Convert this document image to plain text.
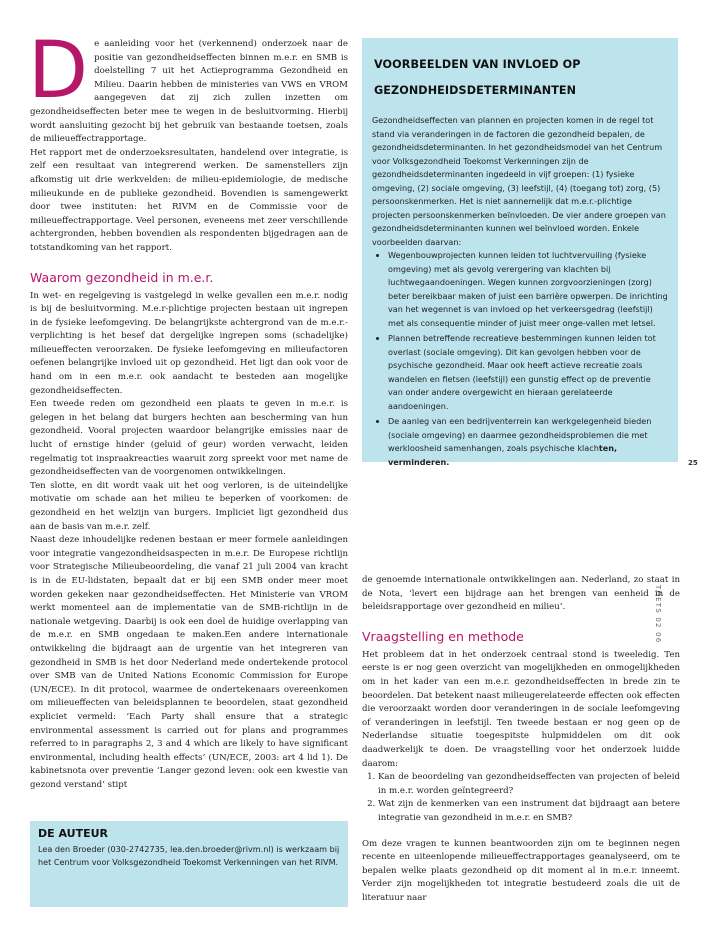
D e aanleiding voor het (verkennend) onderzoek naar de positie van gezondheidseffecten binnen m.e.r. en SMB is doelstelling 7 uit het Actieprogramma Gezondheid en Milieu. Daarin hebben de ministeries van VWS en VROM aangegeven dat zij zich zullen inzetten om gezondheidseffecten beter mee te wegen in de besluitvorming. Hierbij wordt aansluiting gezocht bij het gebruik van bestaande toetsen, zoals de milieueffectrapportage.

Het rapport met de onderzoeksresultaten, handelend over integratie, is zelf een resultaat van integrerend werken. De samenstellers zijn afkomstig uit drie werkvelden: de milieu-epidemiologie, de medische milieukunde en de publieke gezondheid. Bovendien is samengewerkt door twee instituten: het RIVM en de Commissie voor de milieueffectrapportage. Veel personen, eveneens met zeer verschillende achtergronden, hebben bovendien als respondenten bijgedragen aan de totstandkoming van het rapport.

Waarom gezondheid in m.e.r.

In wet- en regelgeving is vastgelegd in welke gevallen een m.e.r. nodig is bij de besluitvorming. M.e.r-plichtige projecten bestaan uit ingrepen in de fysieke leefomgeving. De belangrijkste achtergrond van de m.e.r.-verplichting is het besef dat dergelijke ingrepen soms (schadelijke) milieueffecten veroorzaken. De fysieke leefomgeving en milieufactoren oefenen belangrijke invloed uit op gezondheid. Het ligt dan ook voor de hand om in een m.e.r. ook aandacht te besteden aan mogelijke gezondheidseffecten.

Een tweede reden om gezondheid een plaats te geven in m.e.r. is gelegen in het belang dat burgers hechten aan bescherming van hun gezondheid. Vooral projecten waardoor belangrijke emissies naar de lucht of ernstige hinder (geluid of geur) worden verwacht, leiden regelmatig tot inspraakreacties waaruit zorg spreekt voor met name de gezondheidseffecten van de voorgenomen ontwikkelingen.

Ten slotte, en dit wordt vaak uit het oog verloren, is de uiteindelijke motivatie om schade aan het milieu te beperken of voorkomen: de gezondheid en het welzijn van burgers. Impliciet ligt gezondheid dus aan de basis van m.e.r. zelf.

Naast deze inhoudelijke redenen bestaan er meer formele aanleidingen voor integratie vangezondheidsaspecten in m.e.r. De Europese richtlijn voor Strategische Milieubeoordeling, die vanaf 21 juli 2004 van kracht is in de EU-lidstaten, bepaalt dat er bij een SMB onder meer moet worden gekeken naar gezondheidseffecten. Het Ministerie van VROM werkt momenteel aan de implementatie van de SMB-richtlijn in de nationale wetgeving. Daarbij is ook een doel de huidige overlapping van de m.e.r. en SMB ongedaan te maken.Een andere internationale ontwikkeling die bijdraagt aan de urgentie van het integreren van gezondheid in SMB is het door Nederland mede ondertekende protocol over SMB van de United Nations Economic Commission for Europe (UN/ECE). In dit protocol, waarmee de ondertekenaars overeenkomen om milieueffecten van beleidsplannen te beoordelen, staat gezondheid expliciet vermeld: ‘Each Party shall ensure that a strategic environmental assessment is carried out for plans and programmes referred to in paragraphs 2, 3 and 4 which are likely to have significant environmental, including health effects’ (UN/ECE, 2003: art 4 lid 1). De kabinetsnota over preventie ‘Langer gezond leven: ook een kwestie van gezond verstand’ stipt

VOORBEELDEN VAN INVLOED OP
GEZONDHEIDSDETERMINANTEN
Gezondheidseffecten van plannen en projecten komen in de regel tot stand via veranderingen in de factoren die gezondheid bepalen, de gezondheidsdeterminanten. In het gezondheidsmodel van het Centrum voor Volksgezondheid Toekomst Verkenningen zijn de gezondheidsdeterminanten ingedeeld in vijf groepen: (1) fysieke omgeving, (2) sociale omgeving, (3) leefstijl, (4) (toegang tot) zorg, (5) persoonskenmerken. Het is niet aannemelijk dat m.e.r.-plichtige projecten persoonskenmerken beïnvloeden. De vier andere groepen van gezondheidsdeterminanten kunnen wel beïnvloed worden. Enkele voorbeelden daarvan:
• Wegenbouwprojecten kunnen leiden tot luchtvervuiling (fysieke omgeving) met als gevolg verergering van klachten bij luchtwegaandoeningen. Wegen kunnen zorgvoorzieningen (zorg) beter bereikbaar maken of juist een barrière opwerpen. De inrichting van het wegennet is van invloed op het verkeersgedrag (leefstijl) met als consequentie minder of juist meer onge-vallen met letsel.
• Plannen betreffende recreatieve bestemmingen kunnen leiden tot overlast (sociale omgeving). Dit kan gevolgen hebben voor de psychische gezondheid. Maar ook heeft actieve recreatie zoals wandelen en fietsen (leefstijl) een gunstig effect op de preventie van onder andere overgewicht en hieraan gerelateerde aandoeningen.
• De aanleg van een bedrijventerrein kan werkgelegenheid bieden (sociale omgeving) en daarmee gezondheidsproblemen die met werkloosheid samenhangen, zoals psychische klachten, verminderen.	25
TOETS 02 06

de genoemde internationale ontwikkelingen aan. Nederland, zo staat in de Nota, ‘levert een bijdrage aan het brengen van eenheid in de beleidsrapportage over gezondheid en milieu’.

Vraagstelling en methode

Het probleem dat in het onderzoek centraal stond is tweeledig. Ten eerste is er nog geen overzicht van mogelijkheden en onmogelijkheden om in het kader van een m.e.r. gezondheidseffecten in brede zin te beoordelen. Dat betekent naast milieugerelateerde effecten ook effecten die veroorzaakt worden door veranderingen in de sociale leefomgeving of veranderingen in leefstijl. Ten tweede bestaan er nog geen op de Nederlandse situatie toegespitste hulpmiddelen om dit ook daadwerkelijk te doen. De vraagstelling voor het onderzoek luidde daarom:

1. Kan de beoordeling van gezondheidseffecten van projecten of beleid in m.e.r. worden geïntegreerd?
2. Wat zijn de kenmerken van een instrument dat bijdraagt aan betere integratie van gezondheid in m.e.r. en SMB?

Om deze vragen te kunnen beantwoorden zijn om te beginnen negen recente en uiteenlopende milieueffectrapportages geanalyseerd, om te bepalen welke plaats gezondheid op dit moment al in m.e.r. inneemt. Verder zijn mogelijkheden tot integratie bestudeerd zoals die uit de literatuur naar

DE AUTEUR
Lea den Broeder (030-2742735, lea.den.broeder@rivm.nl) is werkzaam bij het Centrum voor Volksgezondheid Toekomst Verkenningen van het RIVM.
